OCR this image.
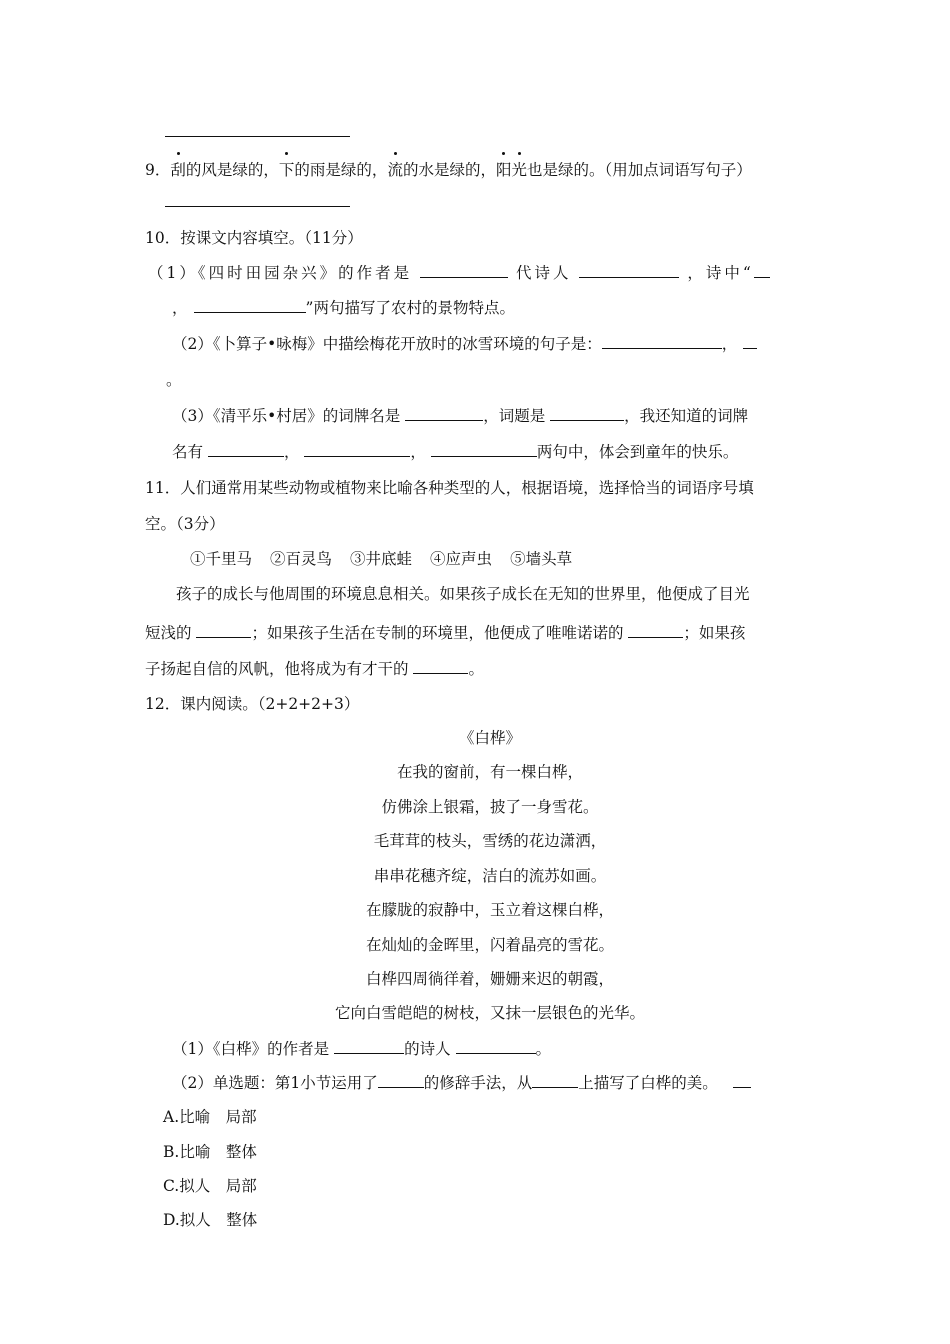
9．刮的风是绿的，下的雨是绿的，流的水是绿的，阳光也是绿的。（用加点词语写句子）
10．按课文内容填空。（11分）
（1）《四时田园杂兴》的作者是	代诗人	，诗中“
，	”两句描写了农村的景物特点。
（2）《卜算子•咏梅》中描绘梅花开放时的冰雪环境的句子是：	，
。
（3）《清平乐•村居》的词牌名是	，词题是	，我还知道的词牌
名有	，	，	两句中，体会到童年的快乐。
11．人们通常用某些动物或植物来比喻各种类型的人，根据语境，选择恰当的词语序号填
空。（3分）
①千里马 ②百灵鸟 ③井底蛙 ④应声虫 ⑤墙头草
孩子的成长与他周围的环境息息相关。如果孩子成长在无知的世界里，他便成了目光
短浅的	；如果孩子生活在专制的环境里，他便成了唯唯诺诺的	；如果孩
子扬起自信的风帆，他将成为有才干的	。
12．课内阅读。（2+2+2+3）
《白桦》
在我的窗前，有一棵白桦，
仿佛涂上银霜，披了一身雪花。
毛茸茸的枝头，雪绣的花边潇洒，
串串花穗齐绽，洁白的流苏如画。
在朦胧的寂静中，玉立着这棵白桦，
在灿灿的金晖里，闪着晶亮的雪花。
白桦四周徜徉着，姗姗来迟的朝霞，
它向白雪皑皑的树枝，又抹一层银色的光华。
（1）《白桦》的作者是	的诗人	。
（2）单选题：第1小节运用了	的修辞手法，从	上描写了白桦的美。
A.比喻　局部
B.比喻　整体
C.拟人　局部
D.拟人　整体
